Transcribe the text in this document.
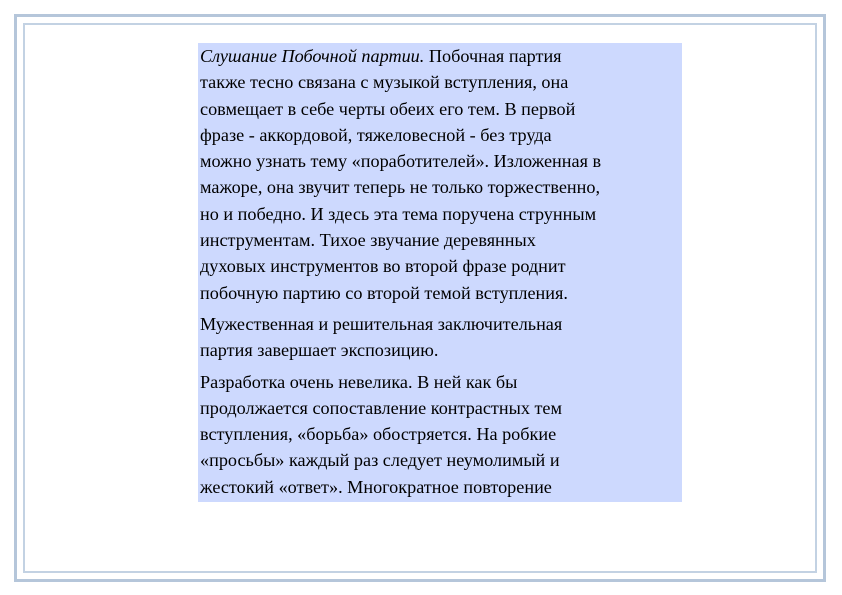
Слушание Побочной партии. Побочная партия
также тесно связана с музыкой вступления, она
совмещает в себе черты обеих его тем. В первой
фразе - аккордовой, тяжеловесной - без труда
можно узнать тему «поработителей». Изложенная в
мажоре, она звучит теперь не только торжественно,
но и победно. И здесь эта тема поручена струнным
инструментам. Тихое звучание деревянных
духовых инструментов во второй фразе роднит
побочную партию со второй темой вступления.

Мужественная и решительная заключительная
партия завершает экспозицию.

Разработка очень невелика. В ней как бы
продолжается сопоставление контрастных тем
вступления, «борьба» обостряется. На робкие
«просьбы» каждый раз следует неумолимый и
жестокий «ответ». Многократное повторение
